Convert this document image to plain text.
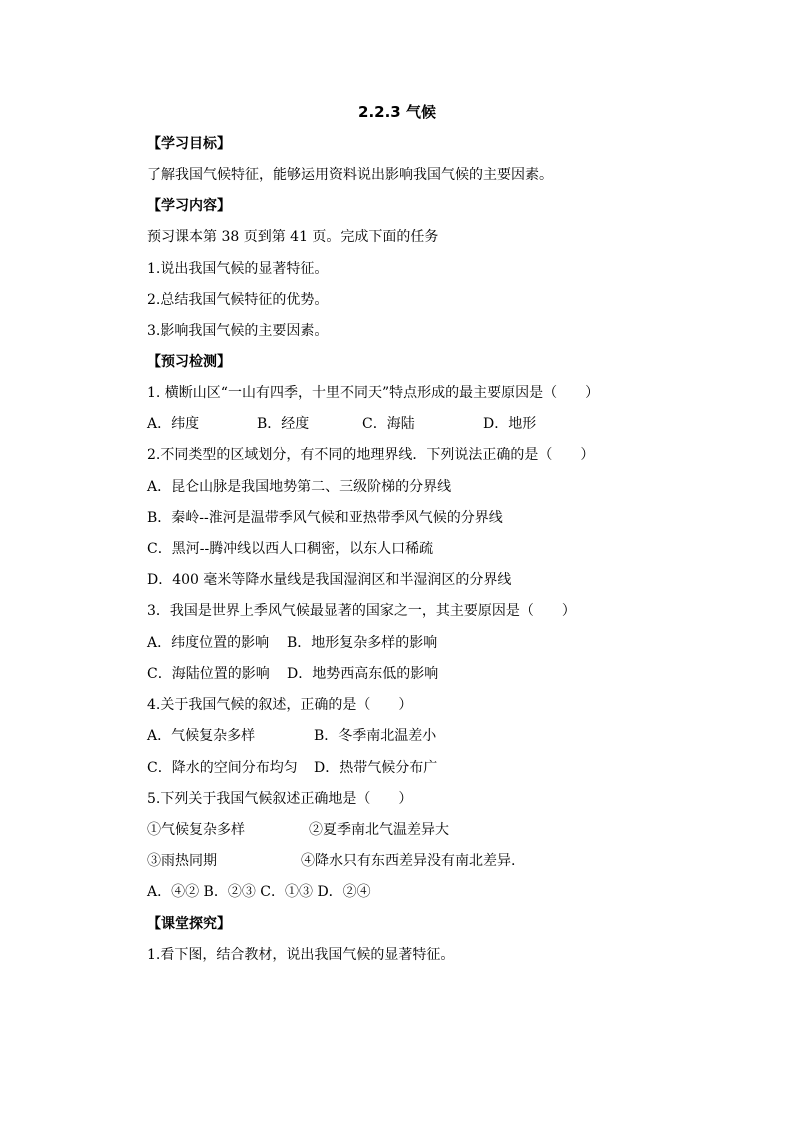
2.2.3 气候
【学习目标】
了解我国气候特征，能够运用资料说出影响我国气候的主要因素。
【学习内容】
预习课本第 38 页到第 41 页。完成下面的任务
1.说出我国气候的显著特征。
2.总结我国气候特征的优势。
3.影响我国气候的主要因素。
【预习检测】
1. 横断山区“一山有四季，十里不同天”特点形成的最主要原因是（　　）
A．纬度	B．经度	C．海陆	D．地形
2.不同类型的区域划分，有不同的地理界线．下列说法正确的是（　　）
A．昆仑山脉是我国地势第二、三级阶梯的分界线
B．秦岭--淮河是温带季风气候和亚热带季风气候的分界线
C．黑河--腾冲线以西人口稠密，以东人口稀疏
D．400 毫米等降水量线是我国湿润区和半湿润区的分界线
3．我国是世界上季风气候最显著的国家之一，其主要原因是（　　）
A．纬度位置的影响 B．地形复杂多样的影响
C．海陆位置的影响 D．地势西高东低的影响
4.关于我国气候的叙述，正确的是（　　）
A．气候复杂多样	B．冬季南北温差小
C．降水的空间分布均匀 D．热带气候分布广
5.下列关于我国气候叙述正确地是（　　）
①气候复杂多样	②夏季南北气温差异大
③雨热同期	④降水只有东西差异没有南北差异.
A．④② B．②③ C．①③ D．②④
【课堂探究】
1.看下图，结合教材，说出我国气候的显著特征。
